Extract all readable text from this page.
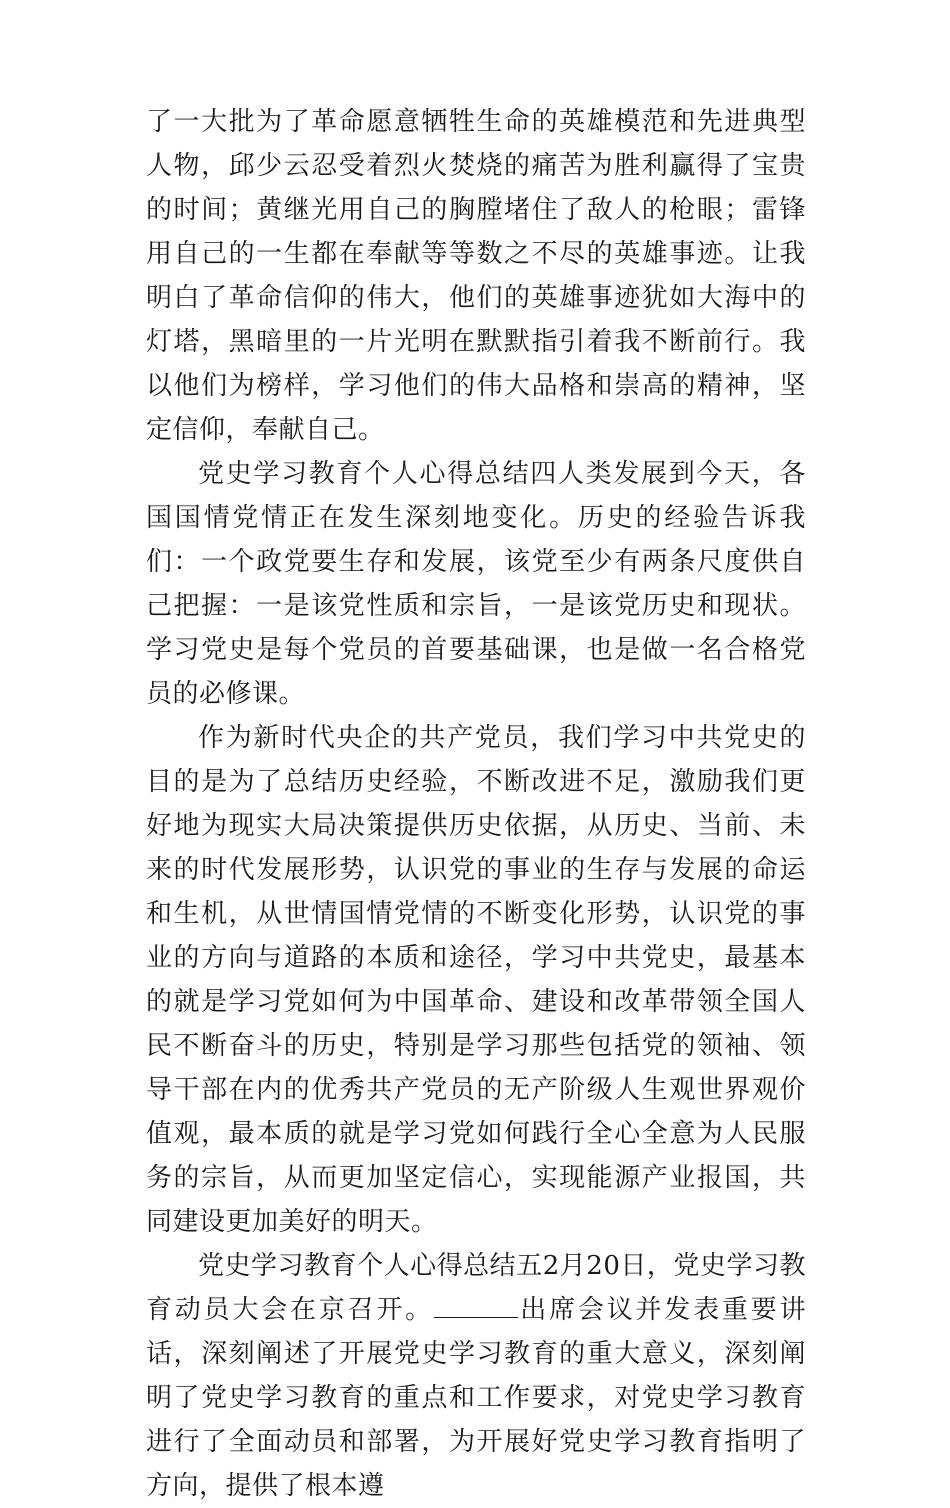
了一大批为了革命愿意牺牲生命的英雄模范和先进典型人物，邱少云忍受着烈火焚烧的痛苦为胜利赢得了宝贵的时间；黄继光用自己的胸膛堵住了敌人的枪眼；雷锋用自己的一生都在奉献等等数之不尽的英雄事迹。让我明白了革命信仰的伟大，他们的英雄事迹犹如大海中的灯塔，黑暗里的一片光明在默默指引着我不断前行。我以他们为榜样，学习他们的伟大品格和崇高的精神，坚定信仰，奉献自己。

党史学习教育个人心得总结四人类发展到今天，各国国情党情正在发生深刻地变化。历史的经验告诉我们：一个政党要生存和发展，该党至少有两条尺度供自己把握：一是该党性质和宗旨，一是该党历史和现状。学习党史是每个党员的首要基础课，也是做一名合格党员的必修课。

作为新时代央企的共产党员，我们学习中共党史的目的是为了总结历史经验，不断改进不足，激励我们更好地为现实大局决策提供历史依据，从历史、当前、未来的时代发展形势，认识党的事业的生存与发展的命运和生机，从世情国情党情的不断变化形势，认识党的事业的方向与道路的本质和途径，学习中共党史，最基本的就是学习党如何为中国革命、建设和改革带领全国人民不断奋斗的历史，特别是学习那些包括党的领袖、领导干部在内的优秀共产党员的无产阶级人生观世界观价值观，最本质的就是学习党如何践行全心全意为人民服务的宗旨，从而更加坚定信心，实现能源产业报国，共同建设更加美好的明天。

党史学习教育个人心得总结五2月20日，党史学习教育动员大会在京召开。	出席会议并发表重要讲话，深刻阐述了开展党史学习教育的重大意义，深刻阐明了党史学习教育的重点和工作要求，对党史学习教育进行了全面动员和部署，为开展好党史学习教育指明了方向，提供了根本遵
